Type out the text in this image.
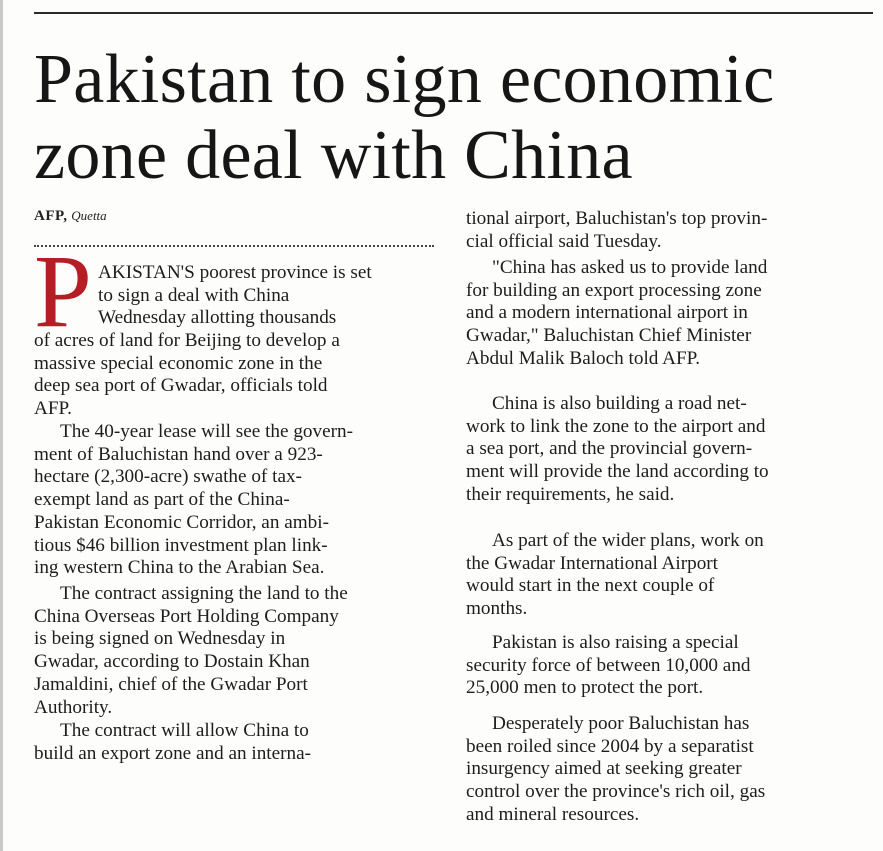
Pakistan to sign economic zone deal with China
AFP, Quetta
P AKISTAN'S poorest province is set
to sign a deal with China
Wednesday allotting thousands
of acres of land for Beijing to develop a
massive special economic zone in the
deep sea port of Gwadar, officials told
AFP.
The 40-year lease will see the govern-
ment of Baluchistan hand over a 923-
hectare (2,300-acre) swathe of tax-
exempt land as part of the China-
Pakistan Economic Corridor, an ambi-
tious $46 billion investment plan link-
ing western China to the Arabian Sea.
The contract assigning the land to the
China Overseas Port Holding Company
is being signed on Wednesday in
Gwadar, according to Dostain Khan
Jamaldini, chief of the Gwadar Port
Authority.
The contract will allow China to
build an export zone and an interna-
tional airport, Baluchistan's top provin-
cial official said Tuesday.
"China has asked us to provide land
for building an export processing zone
and a modern international airport in
Gwadar," Baluchistan Chief Minister
Abdul Malik Baloch told AFP.
China is also building a road net-
work to link the zone to the airport and
a sea port, and the provincial govern-
ment will provide the land according to
their requirements, he said.
As part of the wider plans, work on
the Gwadar International Airport
would start in the next couple of
months.
Pakistan is also raising a special
security force of between 10,000 and
25,000 men to protect the port.
Desperately poor Baluchistan has
been roiled since 2004 by a separatist
insurgency aimed at seeking greater
control over the province's rich oil, gas
and mineral resources.
